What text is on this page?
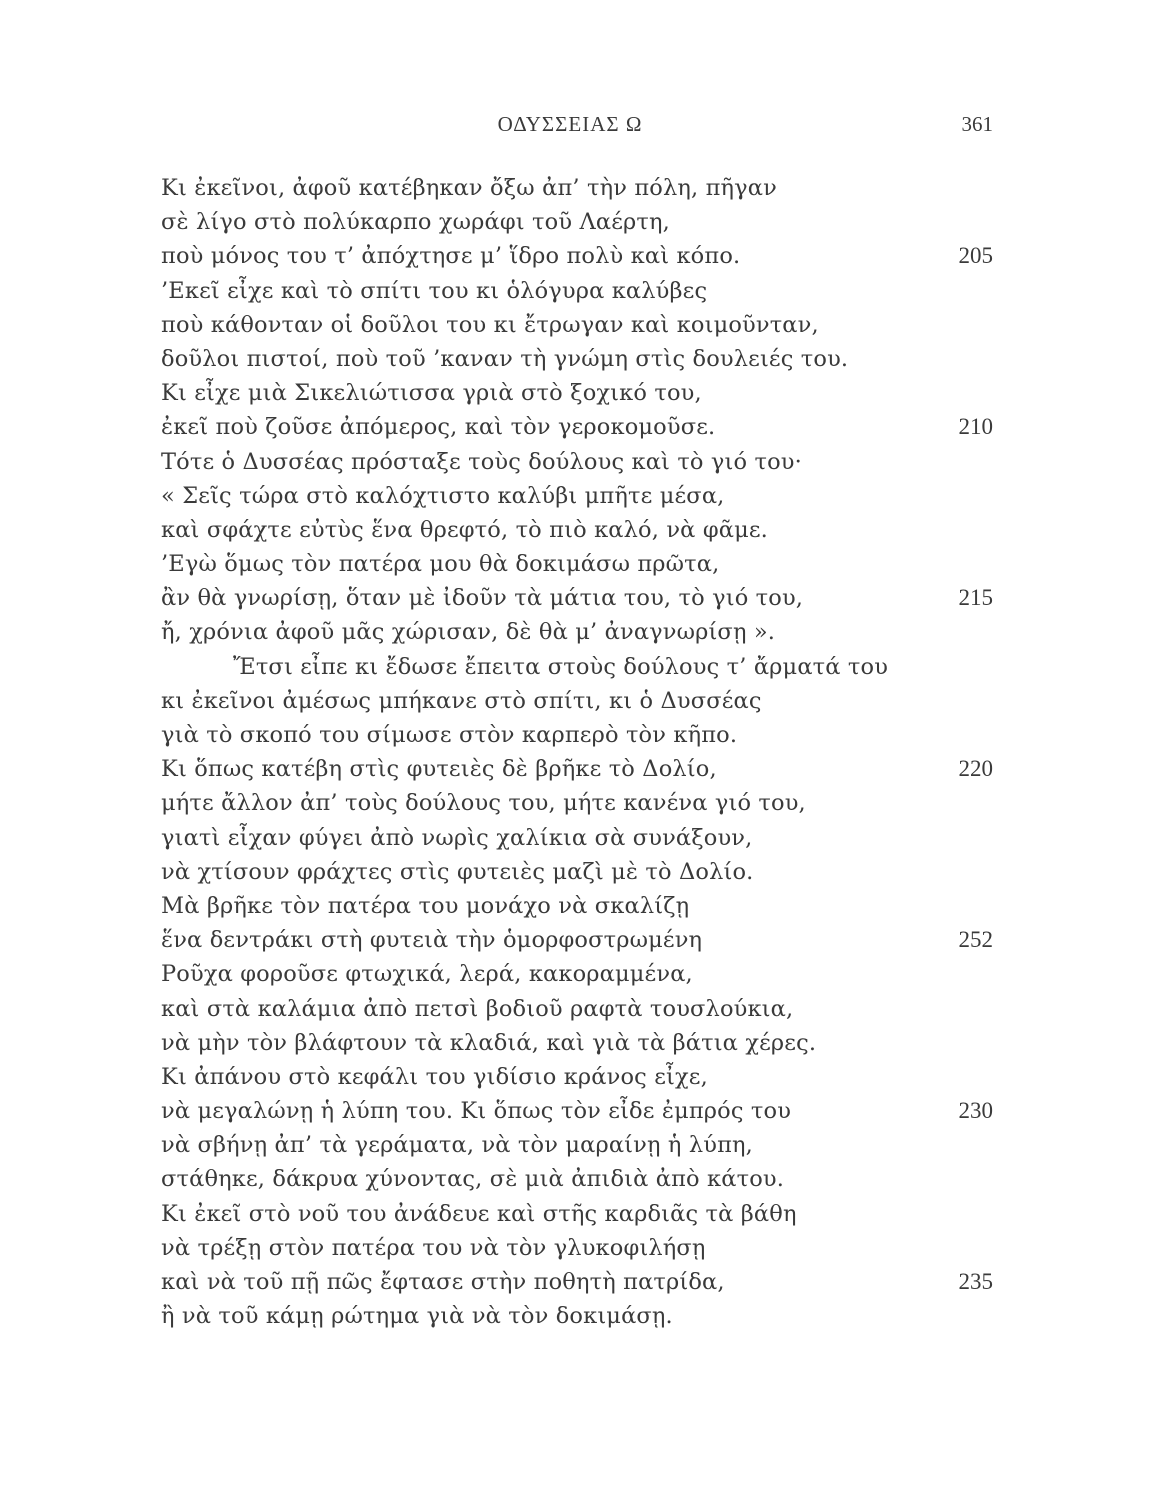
ΟΔΥΣΣΕΙΑΣ Ω	361
Κι ἐκεῖνοι, ἀφοῦ κατέβηκαν ὄξω ἀπ’ τὴν πόλη, πῆγαν
σὲ λίγο στὸ πολύκαρπο χωράφι τοῦ Λαέρτη,
ποὺ μόνος του τ’ ἀπόχτησε μ’ ἵδρο πολὺ καὶ κόπο.	205
’Εκεῖ εἶχε καὶ τὸ σπίτι του κι ὁλόγυρα καλύβες
ποὺ κάθονταν οἱ δοῦλοι του κι ἔτρωγαν καὶ κοιμοῦνταν,
δοῦλοι πιστοί, ποὺ τοῦ ’καναν τὴ γνώμη στὶς δουλειές του.
Κι εἶχε μιὰ Σικελιώτισσα γριὰ στὸ ξοχικό του,
ἐκεῖ ποὺ ζοῦσε ἀπόμερος, καὶ τὸν γεροκομοῦσε.	210
Τότε ὁ Δυσσέας πρόσταξε τοὺς δούλους καὶ τὸ γιό του·
« Σεῖς τώρα στὸ καλόχτιστο καλύβι μπῆτε μέσα,
καὶ σφάχτε εὐτὺς ἕνα θρεφτό, τὸ πιὸ καλό, νὰ φᾶμε.
’Εγὼ ὅμως τὸν πατέρα μου θὰ δοκιμάσω πρῶτα,
ἂν θὰ γνωρίσῃ, ὅταν μὲ ἰδοῦν τὰ μάτια του, τὸ γιό του,	215
ἤ, χρόνια ἀφοῦ μᾶς χώρισαν, δὲ θὰ μ’ ἀναγνωρίσῃ ».
Ἔτσι εἶπε κι ἔδωσε ἔπειτα στοὺς δούλους τ’ ἄρματά του
κι ἐκεῖνοι ἀμέσως μπήκανε στὸ σπίτι, κι ὁ Δυσσέας
γιὰ τὸ σκοπό του σίμωσε στὸν καρπερὸ τὸν κῆπο.
Κι ὅπως κατέβη στὶς φυτειὲς δὲ βρῆκε τὸ Δολίο,	220
μήτε ἄλλον ἀπ’ τοὺς δούλους του, μήτε κανένα γιό του,
γιατὶ εἶχαν φύγει ἀπὸ νωρὶς χαλίκια σὰ συνάξουν,
νὰ χτίσουν φράχτες στὶς φυτειὲς μαζὶ μὲ τὸ Δολίο.
Μὰ βρῆκε τὸν πατέρα του μονάχο νὰ σκαλίζῃ
ἕνα δεντράκι στὴ φυτειὰ τὴν ὁμορφοστρωμένη	252
Ροῦχα φοροῦσε φτωχικά, λερά, κακοραμμένα,
καὶ στὰ καλάμια ἀπὸ πετσὶ βοδιοῦ ραφτὰ τουσλούκια,
νὰ μὴν τὸν βλάφτουν τὰ κλαδιά, καὶ γιὰ τὰ βάτια χέρες.
Κι ἀπάνου στὸ κεφάλι του γιδίσιο κράνος εἶχε,
νὰ μεγαλώνῃ ἡ λύπη του. Κι ὅπως τὸν εἶδε ἐμπρός του	230
νὰ σβήνῃ ἀπ’ τὰ γεράματα, νὰ τὸν μαραίνῃ ἡ λύπη,
στάθηκε, δάκρυα χύνοντας, σὲ μιὰ ἀπιδιὰ ἀπὸ κάτου.
Κι ἐκεῖ στὸ νοῦ του ἀνάδευε καὶ στῆς καρδιᾶς τὰ βάθη
νὰ τρέξῃ στὸν πατέρα του νὰ τὸν γλυκοφιλήσῃ
καὶ νὰ τοῦ πῇ πῶς ἔφτασε στὴν ποθητὴ πατρίδα,	235
ἢ νὰ τοῦ κάμῃ ρώτημα γιὰ νὰ τὸν δοκιμάσῃ.
